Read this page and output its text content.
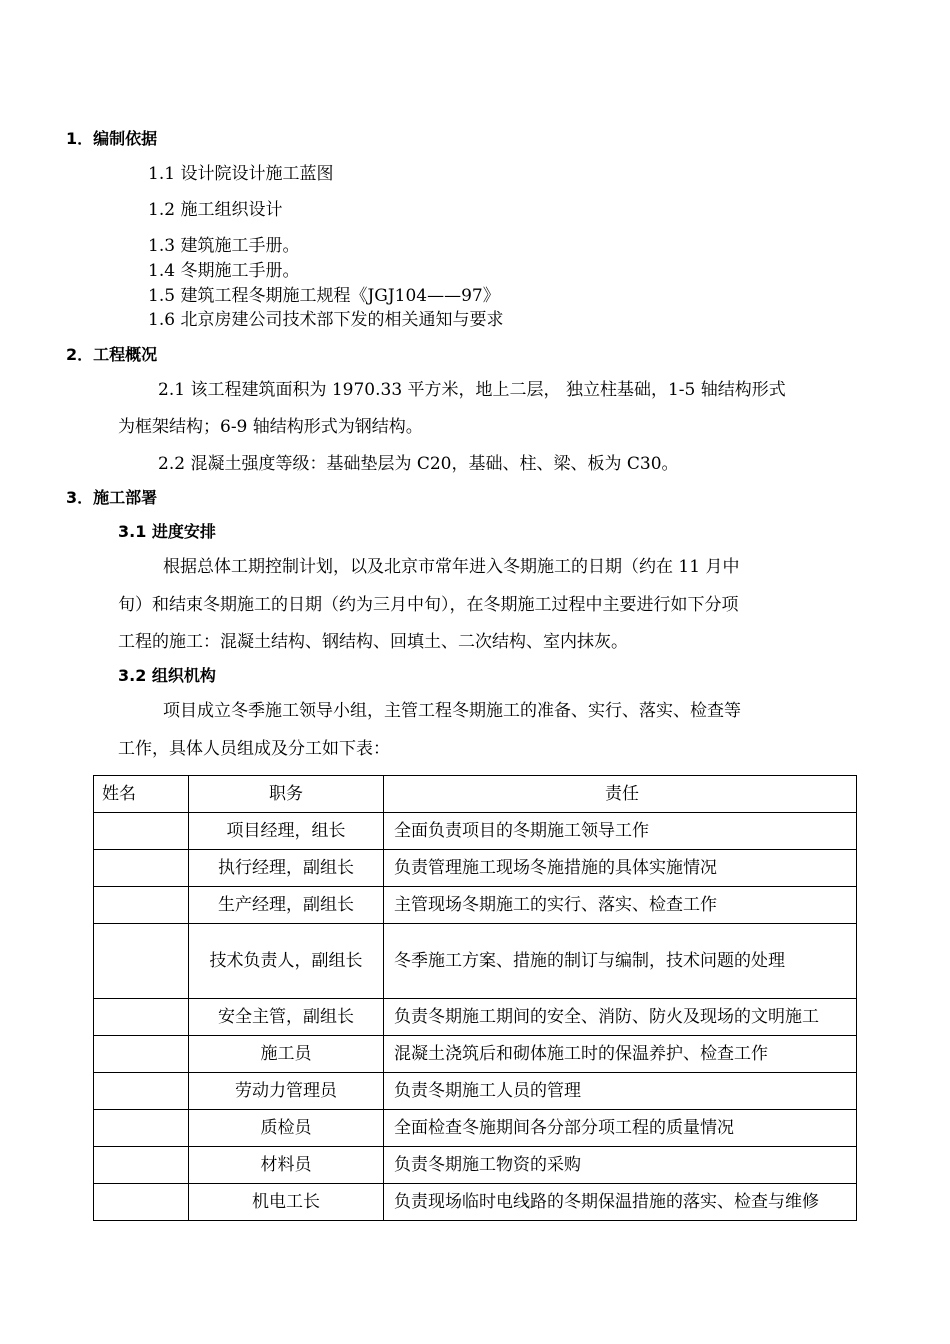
1．编制依据
1.1 设计院设计施工蓝图
1.2 施工组织设计
1.3 建筑施工手册。
1.4 冬期施工手册。
1.5 建筑工程冬期施工规程《JGJ104——97》
1.6 北京房建公司技术部下发的相关通知与要求
2．工程概况
2.1 该工程建筑面积为 1970.33 平方米，地上二层， 独立柱基础，1-5 轴结构形式
为框架结构；6-9 轴结构形式为钢结构。
2.2 混凝土强度等级：基础垫层为 C20，基础、柱、梁、板为 C30。
3．施工部署
3.1 进度安排
根据总体工期控制计划，以及北京市常年进入冬期施工的日期（约在 11 月中
旬）和结束冬期施工的日期（约为三月中旬），在冬期施工过程中主要进行如下分项
工程的施工：混凝土结构、钢结构、回填土、二次结构、室内抹灰。
3.2 组织机构
项目成立冬季施工领导小组，主管工程冬期施工的准备、实行、落实、检查等
工作，具体人员组成及分工如下表：
姓名	职务	责任
	项目经理，组长	全面负责项目的冬期施工领导工作
	执行经理，副组长	负责管理施工现场冬施措施的具体实施情况
	生产经理，副组长	主管现场冬期施工的实行、落实、检查工作
	技术负责人，副组长	冬季施工方案、措施的制订与编制，技术问题的处理
	安全主管，副组长	负责冬期施工期间的安全、消防、防火及现场的文明施工
	施工员	混凝土浇筑后和砌体施工时的保温养护、检查工作
	劳动力管理员	负责冬期施工人员的管理
	质检员	全面检查冬施期间各分部分项工程的质量情况
	材料员	负责冬期施工物资的采购
	机电工长	负责现场临时电线路的冬期保温措施的落实、检查与维修
